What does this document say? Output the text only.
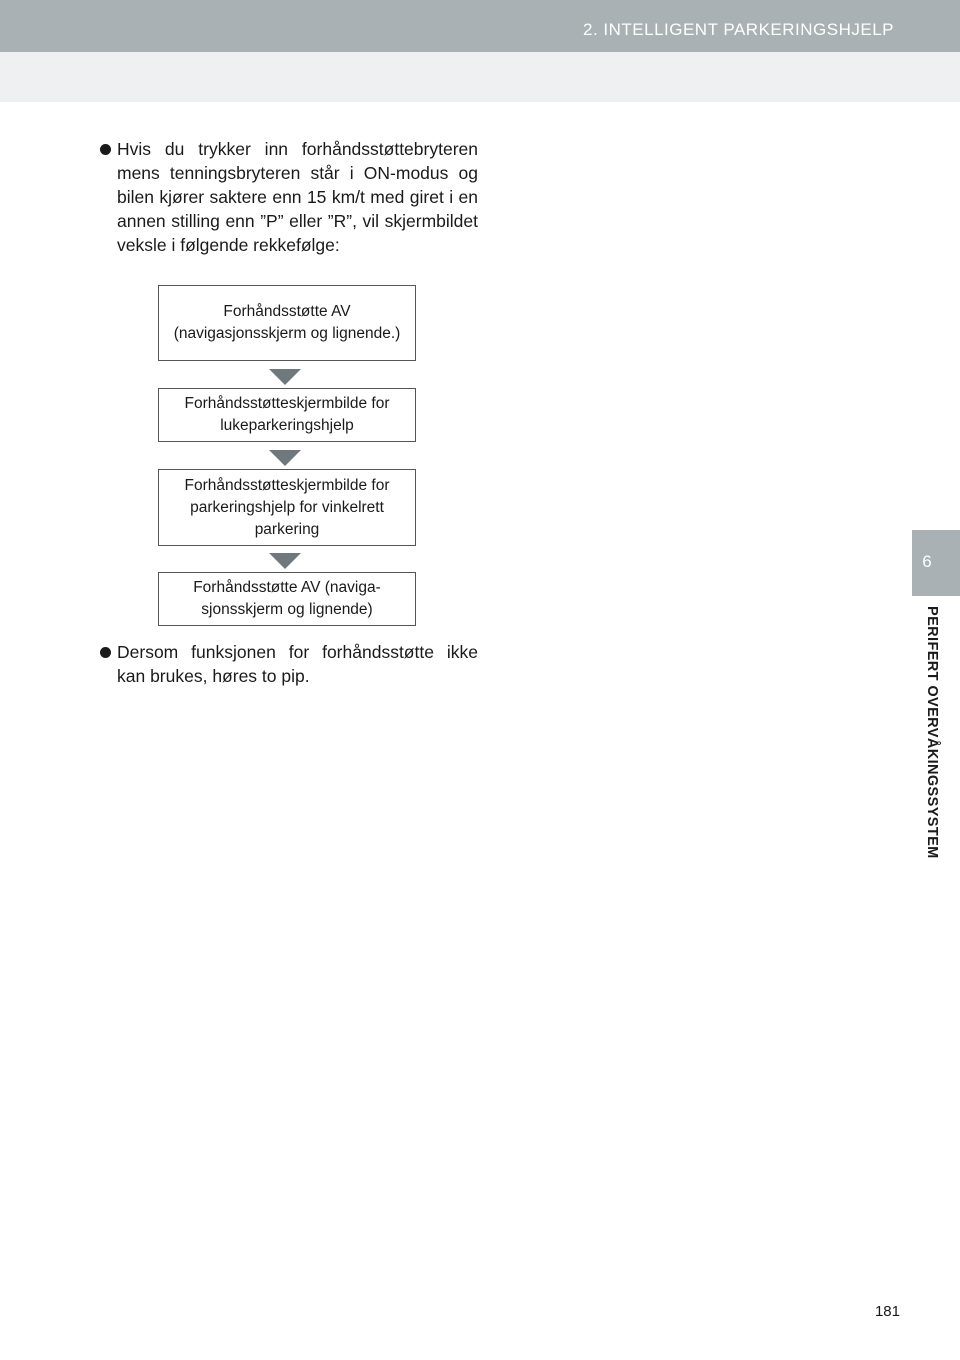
2. INTELLIGENT PARKERINGSHJELP
6
PERIFERT OVERVÅKINGSSYSTEM
Hvis du trykker inn forhåndsstøttebryteren mens tenningsbryteren står i ON-modus og bilen kjører saktere enn 15 km/t med giret i en annen stilling enn ”P” eller ”R”, vil skjermbildet veksle i følgende rekkefølge:
Forhåndsstøtte AV (navigasjonsskjerm og lignende.)
Forhåndsstøtteskjermbilde for lukeparkeringshjelp
Forhåndsstøtteskjermbilde for parkeringshjelp for vinkelrett parkering
Forhåndsstøtte AV (navigasjonsskjerm og lignende)
Dersom funksjonen for forhåndsstøtte ikke kan brukes, høres to pip.
181
